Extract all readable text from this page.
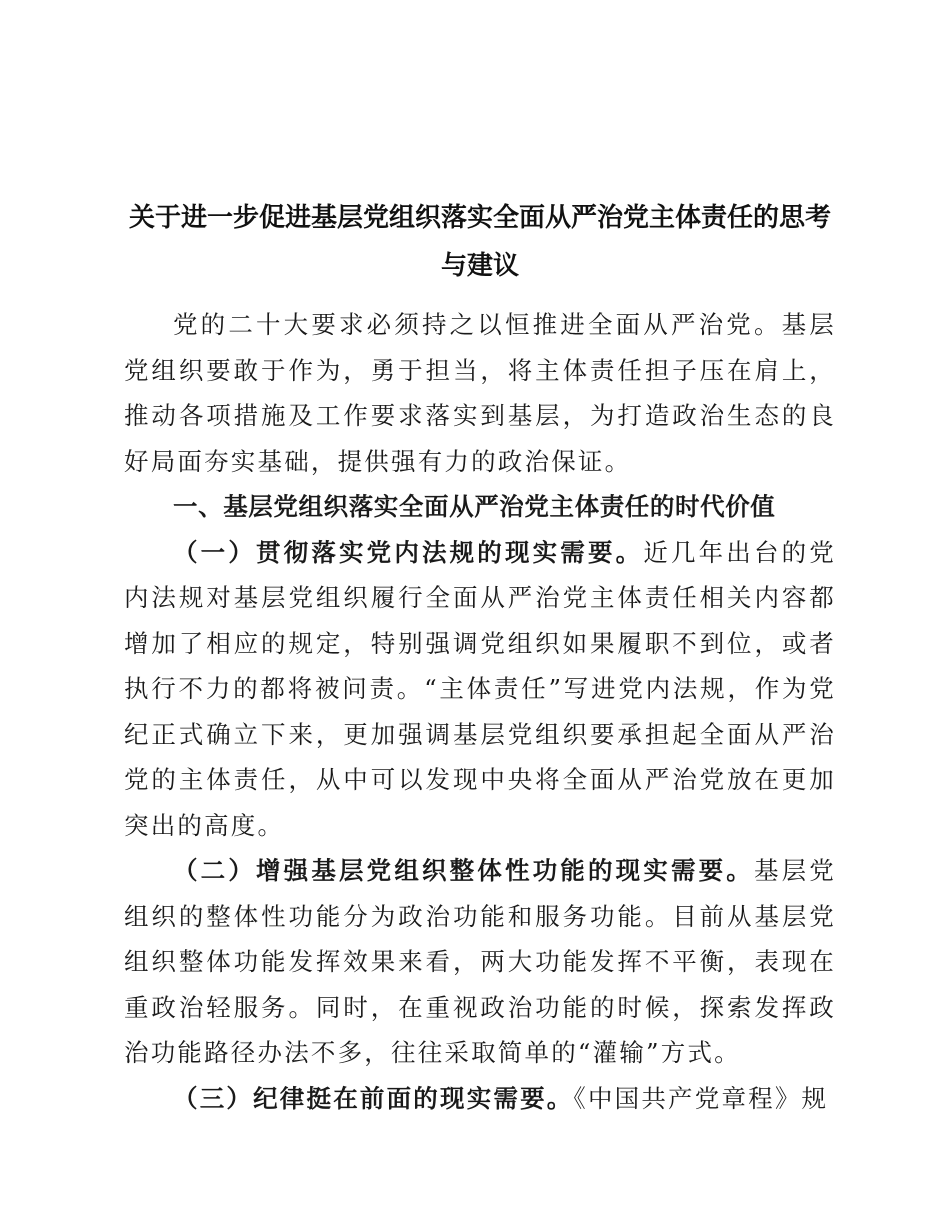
关于进一步促进基层党组织落实全面从严治党主体责任的思考与建议

党的二十大要求必须持之以恒推进全面从严治党。基层党组织要敢于作为，勇于担当，将主体责任担子压在肩上，推动各项措施及工作要求落实到基层，为打造政治生态的良好局面夯实基础，提供强有力的政治保证。

一、基层党组织落实全面从严治党主体责任的时代价值

（一）贯彻落实党内法规的现实需要。近几年出台的党内法规对基层党组织履行全面从严治党主体责任相关内容都增加了相应的规定，特别强调党组织如果履职不到位，或者执行不力的都将被问责。“主体责任”写进党内法规，作为党纪正式确立下来，更加强调基层党组织要承担起全面从严治党的主体责任，从中可以发现中央将全面从严治党放在更加突出的高度。

（二）增强基层党组织整体性功能的现实需要。基层党组织的整体性功能分为政治功能和服务功能。目前从基层党组织整体功能发挥效果来看，两大功能发挥不平衡，表现在重政治轻服务。同时，在重视政治功能的时候，探索发挥政治功能路径办法不多，往往采取简单的“灌输”方式。

（三）纪律挺在前面的现实需要。《中国共产党章程》规
